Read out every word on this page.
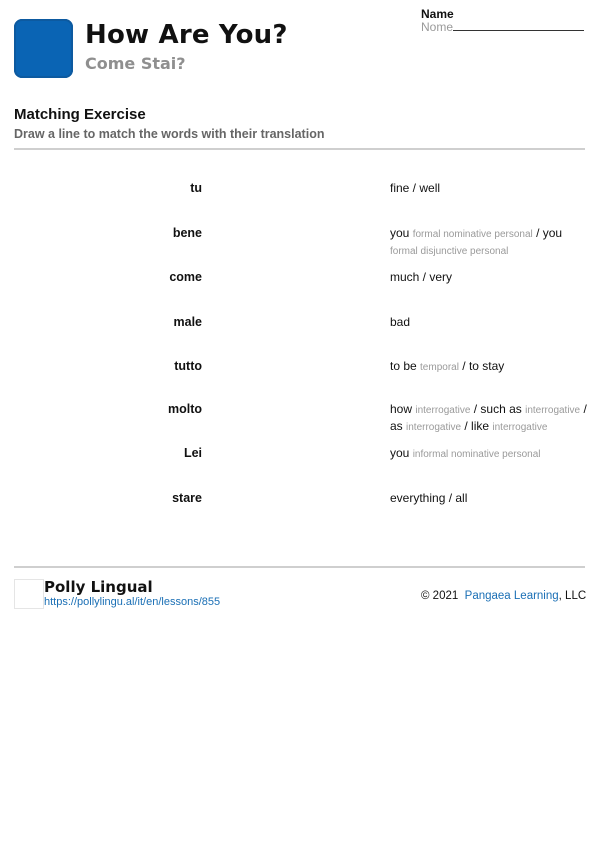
How Are You?
Come Stai?
Name
Nome
Matching Exercise
Draw a line to match the words with their translation
tu
bene
come
male
tutto
molto
Lei
stare
fine / well
you formal nominative personal / you formal disjunctive personal
much / very
bad
to be temporal / to stay
how interrogative / such as interrogative / as interrogative / like interrogative
you informal nominative personal
everything / all
Polly Lingual
https://pollylingu.al/it/en/lessons/855	© 2021 Pangaea Learning, LLC
